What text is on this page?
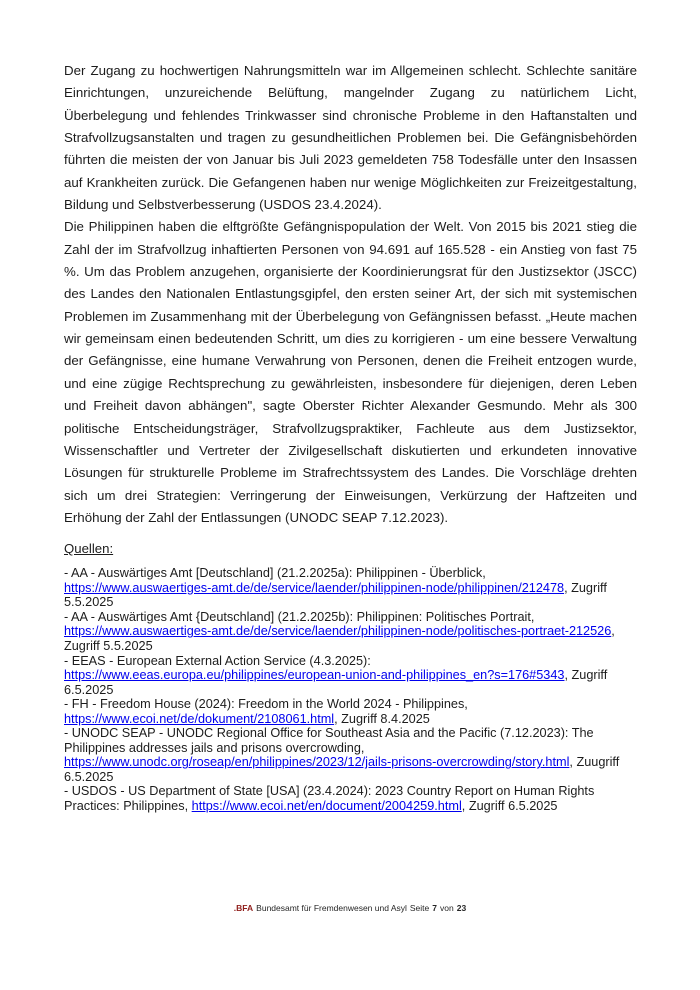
Der Zugang zu hochwertigen Nahrungsmitteln war im Allgemeinen schlecht. Schlechte sanitäre Einrichtungen, unzureichende Belüftung, mangelnder Zugang zu natürlichem Licht, Überbelegung und fehlendes Trinkwasser sind chronische Probleme in den Haftanstalten und Strafvollzugsanstalten und tragen zu gesundheitlichen Problemen bei. Die Gefängnisbehörden führten die meisten der von Januar bis Juli 2023 gemeldeten 758 Todesfälle unter den Insassen auf Krankheiten zurück. Die Gefangenen haben nur wenige Möglichkeiten zur Freizeitgestaltung, Bildung und Selbstverbesserung (USDOS 23.4.2024).

Die Philippinen haben die elftgrößte Gefängnispopulation der Welt. Von 2015 bis 2021 stieg die Zahl der im Strafvollzug inhaftierten Personen von 94.691 auf 165.528 - ein Anstieg von fast 75 %. Um das Problem anzugehen, organisierte der Koordinierungsrat für den Justizsektor (JSCC) des Landes den Nationalen Entlastungsgipfel, den ersten seiner Art, der sich mit systemischen Problemen im Zusammenhang mit der Überbelegung von Gefängnissen befasst. „Heute machen wir gemeinsam einen bedeutenden Schritt, um dies zu korrigieren - um eine bessere Verwaltung der Gefängnisse, eine humane Verwahrung von Personen, denen die Freiheit entzogen wurde, und eine zügige Rechtsprechung zu gewährleisten, insbesondere für diejenigen, deren Leben und Freiheit davon abhängen", sagte Oberster Richter Alexander Gesmundo. Mehr als 300 politische Entscheidungsträger, Strafvollzugspraktiker, Fachleute aus dem Justizsektor, Wissenschaftler und Vertreter der Zivilgesellschaft diskutierten und erkundeten innovative Lösungen für strukturelle Probleme im Strafrechtssystem des Landes. Die Vorschläge drehten sich um drei Strategien: Verringerung der Einweisungen, Verkürzung der Haftzeiten und Erhöhung der Zahl der Entlassungen (UNODC SEAP 7.12.2023).

Quellen:
- AA - Auswärtiges Amt [Deutschland] (21.2.2025a): Philippinen - Überblick,
https://www.auswaertiges-amt.de/de/service/laender/philippinen-node/philippinen/212478, Zugriff
5.5.2025
- AA - Auswärtiges Amt {Deutschland] (21.2.2025b): Philippinen: Politisches Portrait,
https://www.auswaertiges-amt.de/de/service/laender/philippinen-node/politisches-portraet-212526,
Zugriff 5.5.2025
- EEAS - European External Action Service (4.3.2025):
https://www.eeas.europa.eu/philippines/european-union-and-philippines_en?s=176#5343, Zugriff
6.5.2025
- FH - Freedom House (2024): Freedom in the World 2024 - Philippines,
https://www.ecoi.net/de/dokument/2108061.html, Zugriff 8.4.2025
- UNODC SEAP - UNODC Regional Office for Southeast Asia and the Pacific (7.12.2023): The
Philippines addresses jails and prisons overcrowding,
https://www.unodc.org/roseap/en/philippines/2023/12/jails-prisons-overcrowding/story.html, Zuugriff
6.5.2025
- USDOS - US Department of State [USA] (23.4.2024): 2023 Country Report on Human Rights
Practices: Philippines, https://www.ecoi.net/en/document/2004259.html, Zugriff 6.5.2025
.BFA Bundesamt für Fremdenwesen und Asyl Seite 7 von 23
